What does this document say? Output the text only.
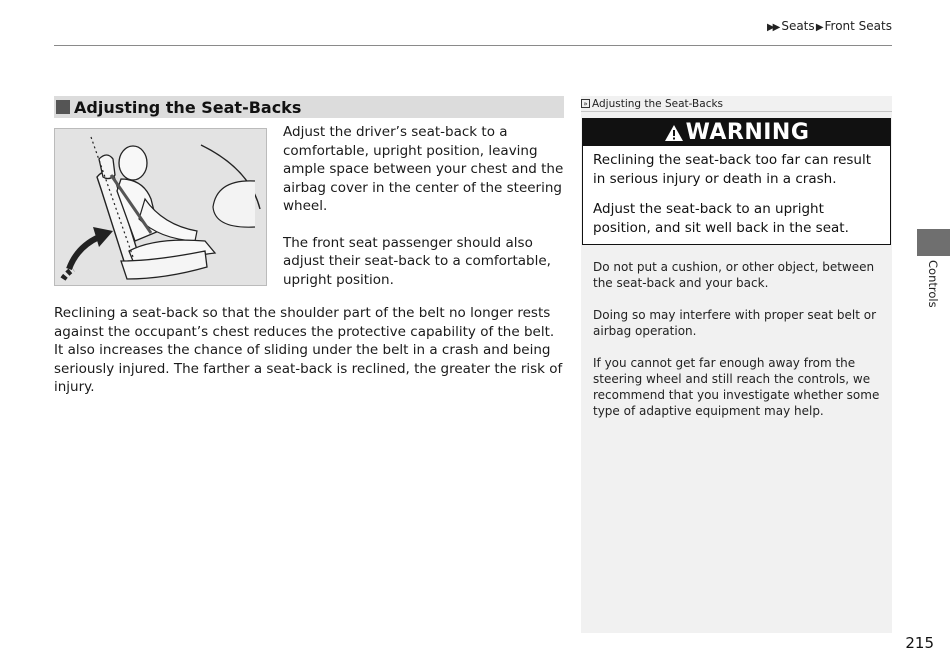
▶▶ Seats ▶ Front Seats
Adjusting the Seat-Backs

Adjust the driver’s seat-back to a comfortable, upright position, leaving ample space between your chest and the airbag cover in the center of the steering wheel.

The front seat passenger should also adjust their seat-back to a comfortable, upright position.

Reclining a seat-back so that the shoulder part of the belt no longer rests against the occupant’s chest reduces the protective capability of the belt. It also increases the chance of sliding under the belt in a crash and being seriously injured. The farther a seat-back is reclined, the greater the risk of injury.
» Adjusting the Seat-Backs
WARNING

Reclining the seat-back too far can result in serious injury or death in a crash.

Adjust the seat-back to an upright position, and sit well back in the seat.

Do not put a cushion, or other object, between the seat-back and your back.

Doing so may interfere with proper seat belt or airbag operation.

If you cannot get far enough away from the steering wheel and still reach the controls, we recommend that you investigate whether some type of adaptive equipment may help.

Controls
215
